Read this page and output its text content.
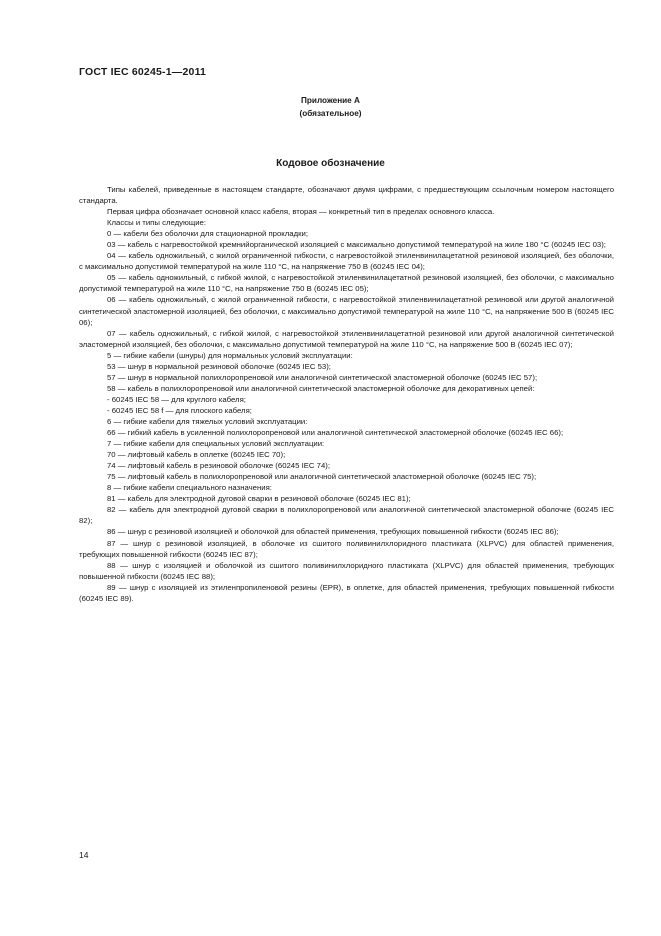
ГОСТ IEC 60245-1—2011
Приложение А
(обязательное)
Кодовое обозначение

Типы кабелей, приведенные в настоящем стандарте, обозначают двумя цифрами, с предшествующим ссылочным номером настоящего стандарта.

Первая цифра обозначает основной класс кабеля, вторая — конкретный тип в пределах основного класса.

Классы и типы следующие:

0 — кабели без оболочки для стационарной прокладки;

03 — кабель с нагревостойкой кремнийорганической изоляцией с максимально допустимой температурой на жиле 180 °С (60245 IEC 03);

04 — кабель одножильный, с жилой ограниченной гибкости, с нагревостойкой этиленвинилацетатной резиновой изоляцией, без оболочки, с максимально допустимой температурой на жиле 110 °С, на напряжение 750 В (60245 IEC 04);

05 — кабель одножильный, с гибкой жилой, с нагревостойкой этиленвинилацетатной резиновой изоляцией, без оболочки, с максимально допустимой температурой на жиле 110 °С, на напряжение 750 В (60245 IEC 05);

06 — кабель одножильный, с жилой ограниченной гибкости, с нагревостойкой этиленвинилацетатной резиновой или другой аналогичной синтетической эластомерной изоляцией, без оболочки, с максимально допустимой температурой на жиле 110 °С, на напряжение 500 В (60245 IEC 06);

07 — кабель одножильный, с гибкой жилой, с нагревостойкой этиленвинилацетатной резиновой или другой аналогичной синтетической эластомерной изоляцией, без оболочки, с максимально допустимой температурой на жиле 110 °С, на напряжение 500 В (60245 IEC 07);

5 — гибкие кабели (шнуры) для нормальных условий эксплуатации:

53 — шнур в нормальной резиновой оболочке (60245 IEC 53);

57 — шнур в нормальной полихлоропреновой или аналогичной синтетической эластомерной оболочке (60245 IEC 57);

58 — кабель в полихлоропреновой или аналогичной синтетической эластомерной оболочке для декоративных цепей:

- 60245 IEC 58 — для круглого кабеля;

- 60245 IEC 58 f — для плоского кабеля;

6 — гибкие кабели для тяжелых условий эксплуатации:

66 — гибкий кабель в усиленной полихлоропреновой или аналогичной синтетической эластомерной оболочке (60245 IEC 66);

7 — гибкие кабели для специальных условий эксплуатации:

70 — лифтовый кабель в оплетке (60245 IEC 70);

74 — лифтовый кабель в резиновой оболочке (60245 IEC 74);

75 — лифтовый кабель в полихлоропреновой или аналогичной синтетической эластомерной оболочке (60245 IEC 75);

8 — гибкие кабели специального назначения:

81 — кабель для электродной дуговой сварки в резиновой оболочке (60245 IEC 81);

82 — кабель для электродной дуговой сварки в полихлоропреновой или аналогичной синтетической эластомерной оболочке (60245 IEC 82);

86 — шнур с резиновой изоляцией и оболочкой для областей применения, требующих повышенной гибкости (60245 IEC 86);

87 — шнур с резиновой изоляцией, в оболочке из сшитого поливинилхлоридного пластиката (XLPVC) для областей применения, требующих повышенной гибкости (60245 IEC 87);

88 — шнур с изоляцией и оболочкой из сшитого поливинилхлоридного пластиката (XLPVC) для областей применения, требующих повышенной гибкости (60245 IEC 88);

89 — шнур с изоляцией из этиленпропиленовой резины (EPR), в оплетке, для областей применения, требующих повышенной гибкости (60245 IEC 89).

14
